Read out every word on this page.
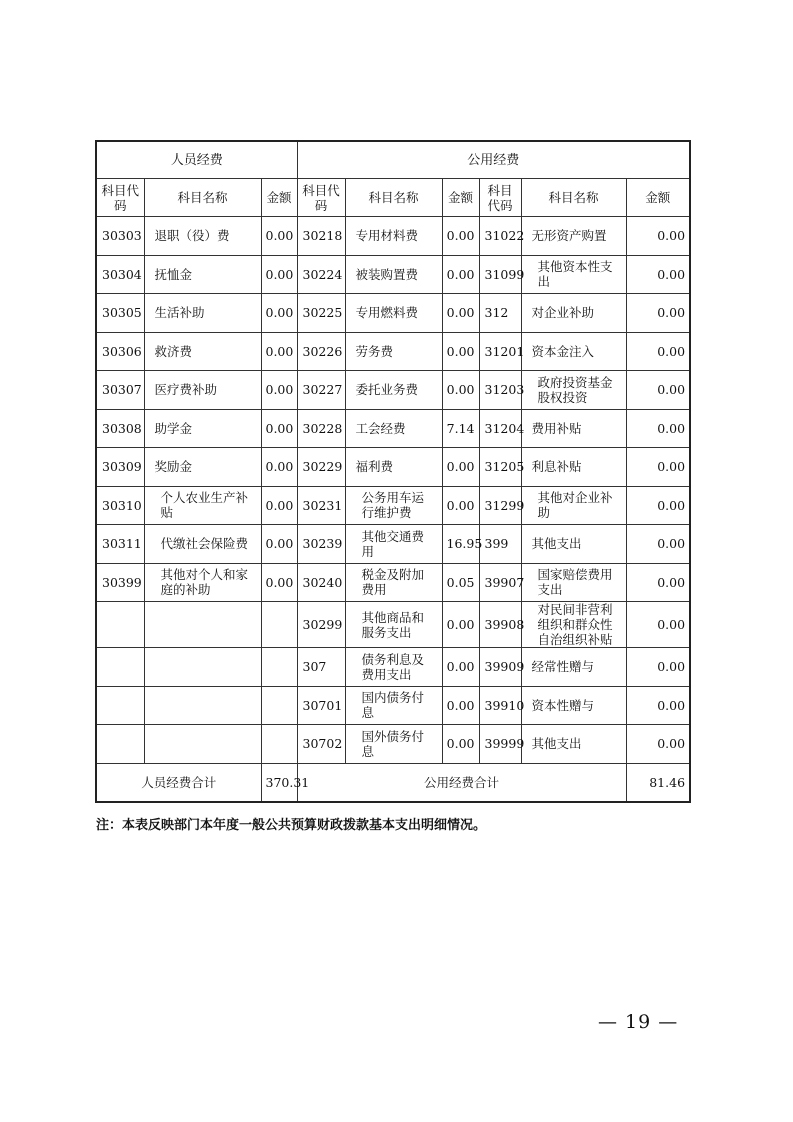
人员经费			公用经费					
科目代码	科目名称	金额	科目代码	科目名称	金额	科目代码	科目名称	金额
30303	退职（役）费	0.00	30218	专用材料费	0.00	31022	无形资产购置	0.00
30304	抚恤金	0.00	30224	被装购置费	0.00	31099	其他资本性支出	0.00
30305	生活补助	0.00	30225	专用燃料费	0.00	312	对企业补助	0.00
30306	救济费	0.00	30226	劳务费	0.00	31201	资本金注入	0.00
30307	医疗费补助	0.00	30227	委托业务费	0.00	31203	政府投资基金股权投资	0.00
30308	助学金	0.00	30228	工会经费	7.14	31204	费用补贴	0.00
30309	奖励金	0.00	30229	福利费	0.00	31205	利息补贴	0.00
30310	个人农业生产补贴	0.00	30231	公务用车运行维护费	0.00	31299	其他对企业补助	0.00
30311	代缴社会保险费	0.00	30239	其他交通费用	16.95	399	其他支出	0.00
30399	其他对个人和家庭的补助	0.00	30240	税金及附加费用	0.05	39907	国家赔偿费用支出	0.00
			30299	其他商品和服务支出	0.00	39908	对民间非营利组织和群众性自治组织补贴	0.00
			307	债务利息及费用支出	0.00	39909	经常性赠与	0.00
			30701	国内债务付息	0.00	39910	资本性赠与	0.00
			30702	国外债务付息	0.00	39999	其他支出	0.00
人员经费合计		370.31	公用经费合计					81.46
注：本表反映部门本年度一般公共预算财政拨款基本支出明细情况。
— 19 —
